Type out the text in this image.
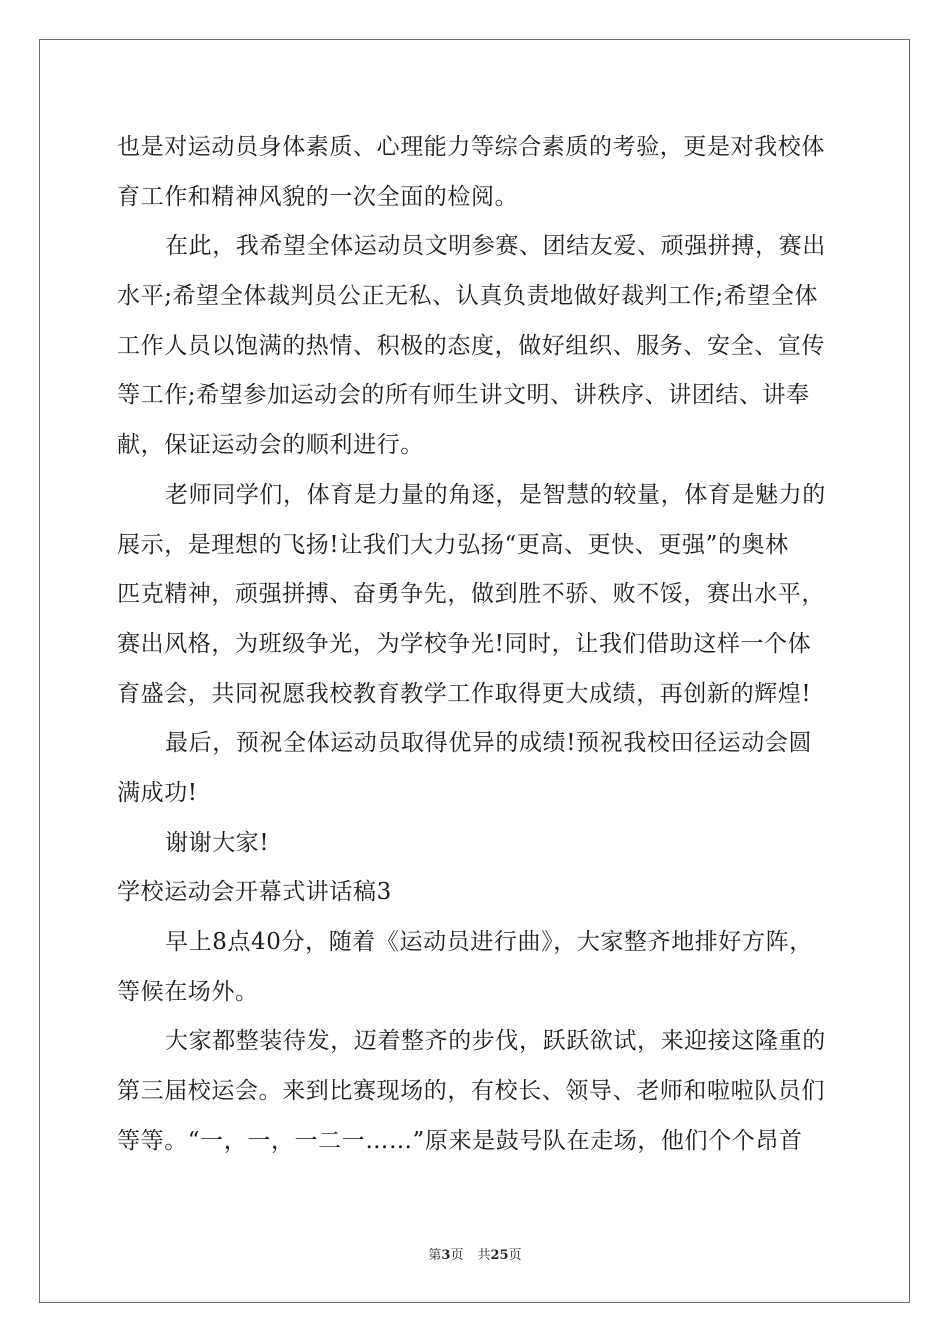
也是对运动员身体素质、心理能力等综合素质的考验，更是对我校体
育工作和精神风貌的一次全面的检阅。
在此，我希望全体运动员文明参赛、团结友爱、顽强拼搏，赛出
水平;希望全体裁判员公正无私、认真负责地做好裁判工作;希望全体
工作人员以饱满的热情、积极的态度，做好组织、服务、安全、宣传
等工作;希望参加运动会的所有师生讲文明、讲秩序、讲团结、讲奉
献，保证运动会的顺利进行。
老师同学们，体育是力量的角逐，是智慧的较量，体育是魅力的
展示，是理想的飞扬!让我们大力弘扬“更高、更快、更强”的奥林
匹克精神，顽强拼搏、奋勇争先，做到胜不骄、败不馁，赛出水平，
赛出风格，为班级争光，为学校争光!同时，让我们借助这样一个体
育盛会，共同祝愿我校教育教学工作取得更大成绩，再创新的辉煌!
最后，预祝全体运动员取得优异的成绩!预祝我校田径运动会圆
满成功!
谢谢大家!
学校运动会开幕式讲话稿3
早上8点40分，随着《运动员进行曲》，大家整齐地排好方阵，
等候在场外。
大家都整装待发，迈着整齐的步伐，跃跃欲试，来迎接这隆重的
第三届校运会。来到比赛现场的，有校长、领导、老师和啦啦队员们
等等。“一，一，一二一……”原来是鼓号队在走场，他们个个昂首
第3页 共25页
